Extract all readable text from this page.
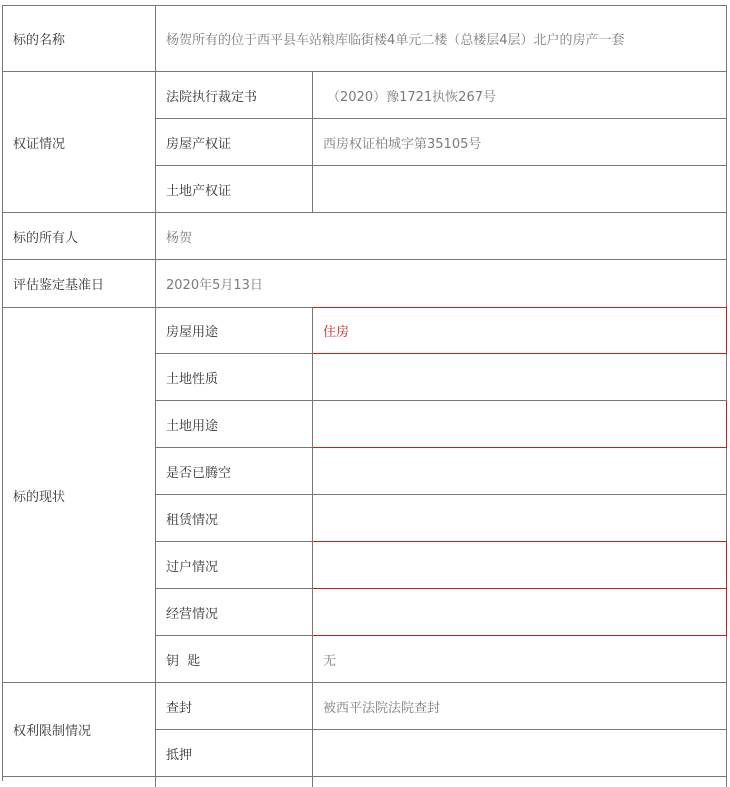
标的名称	杨贺所有的位于西平县车站粮库临街楼4单元二楼（总楼层4层）北户的房产一套
权证情况
法院执行裁定书	（2020）豫1721执恢267号
房屋产权证	西房权证柏城字第35105号
土地产权证
标的所有人	杨贺
评估鉴定基准日	2020年5月13日
标的现状
房屋用途	住房
土地性质
土地用途
是否已腾空
租赁情况
过户情况
经营情况
钥  匙	无
权利限制情况
查封	被西平法院法院查封
抵押
